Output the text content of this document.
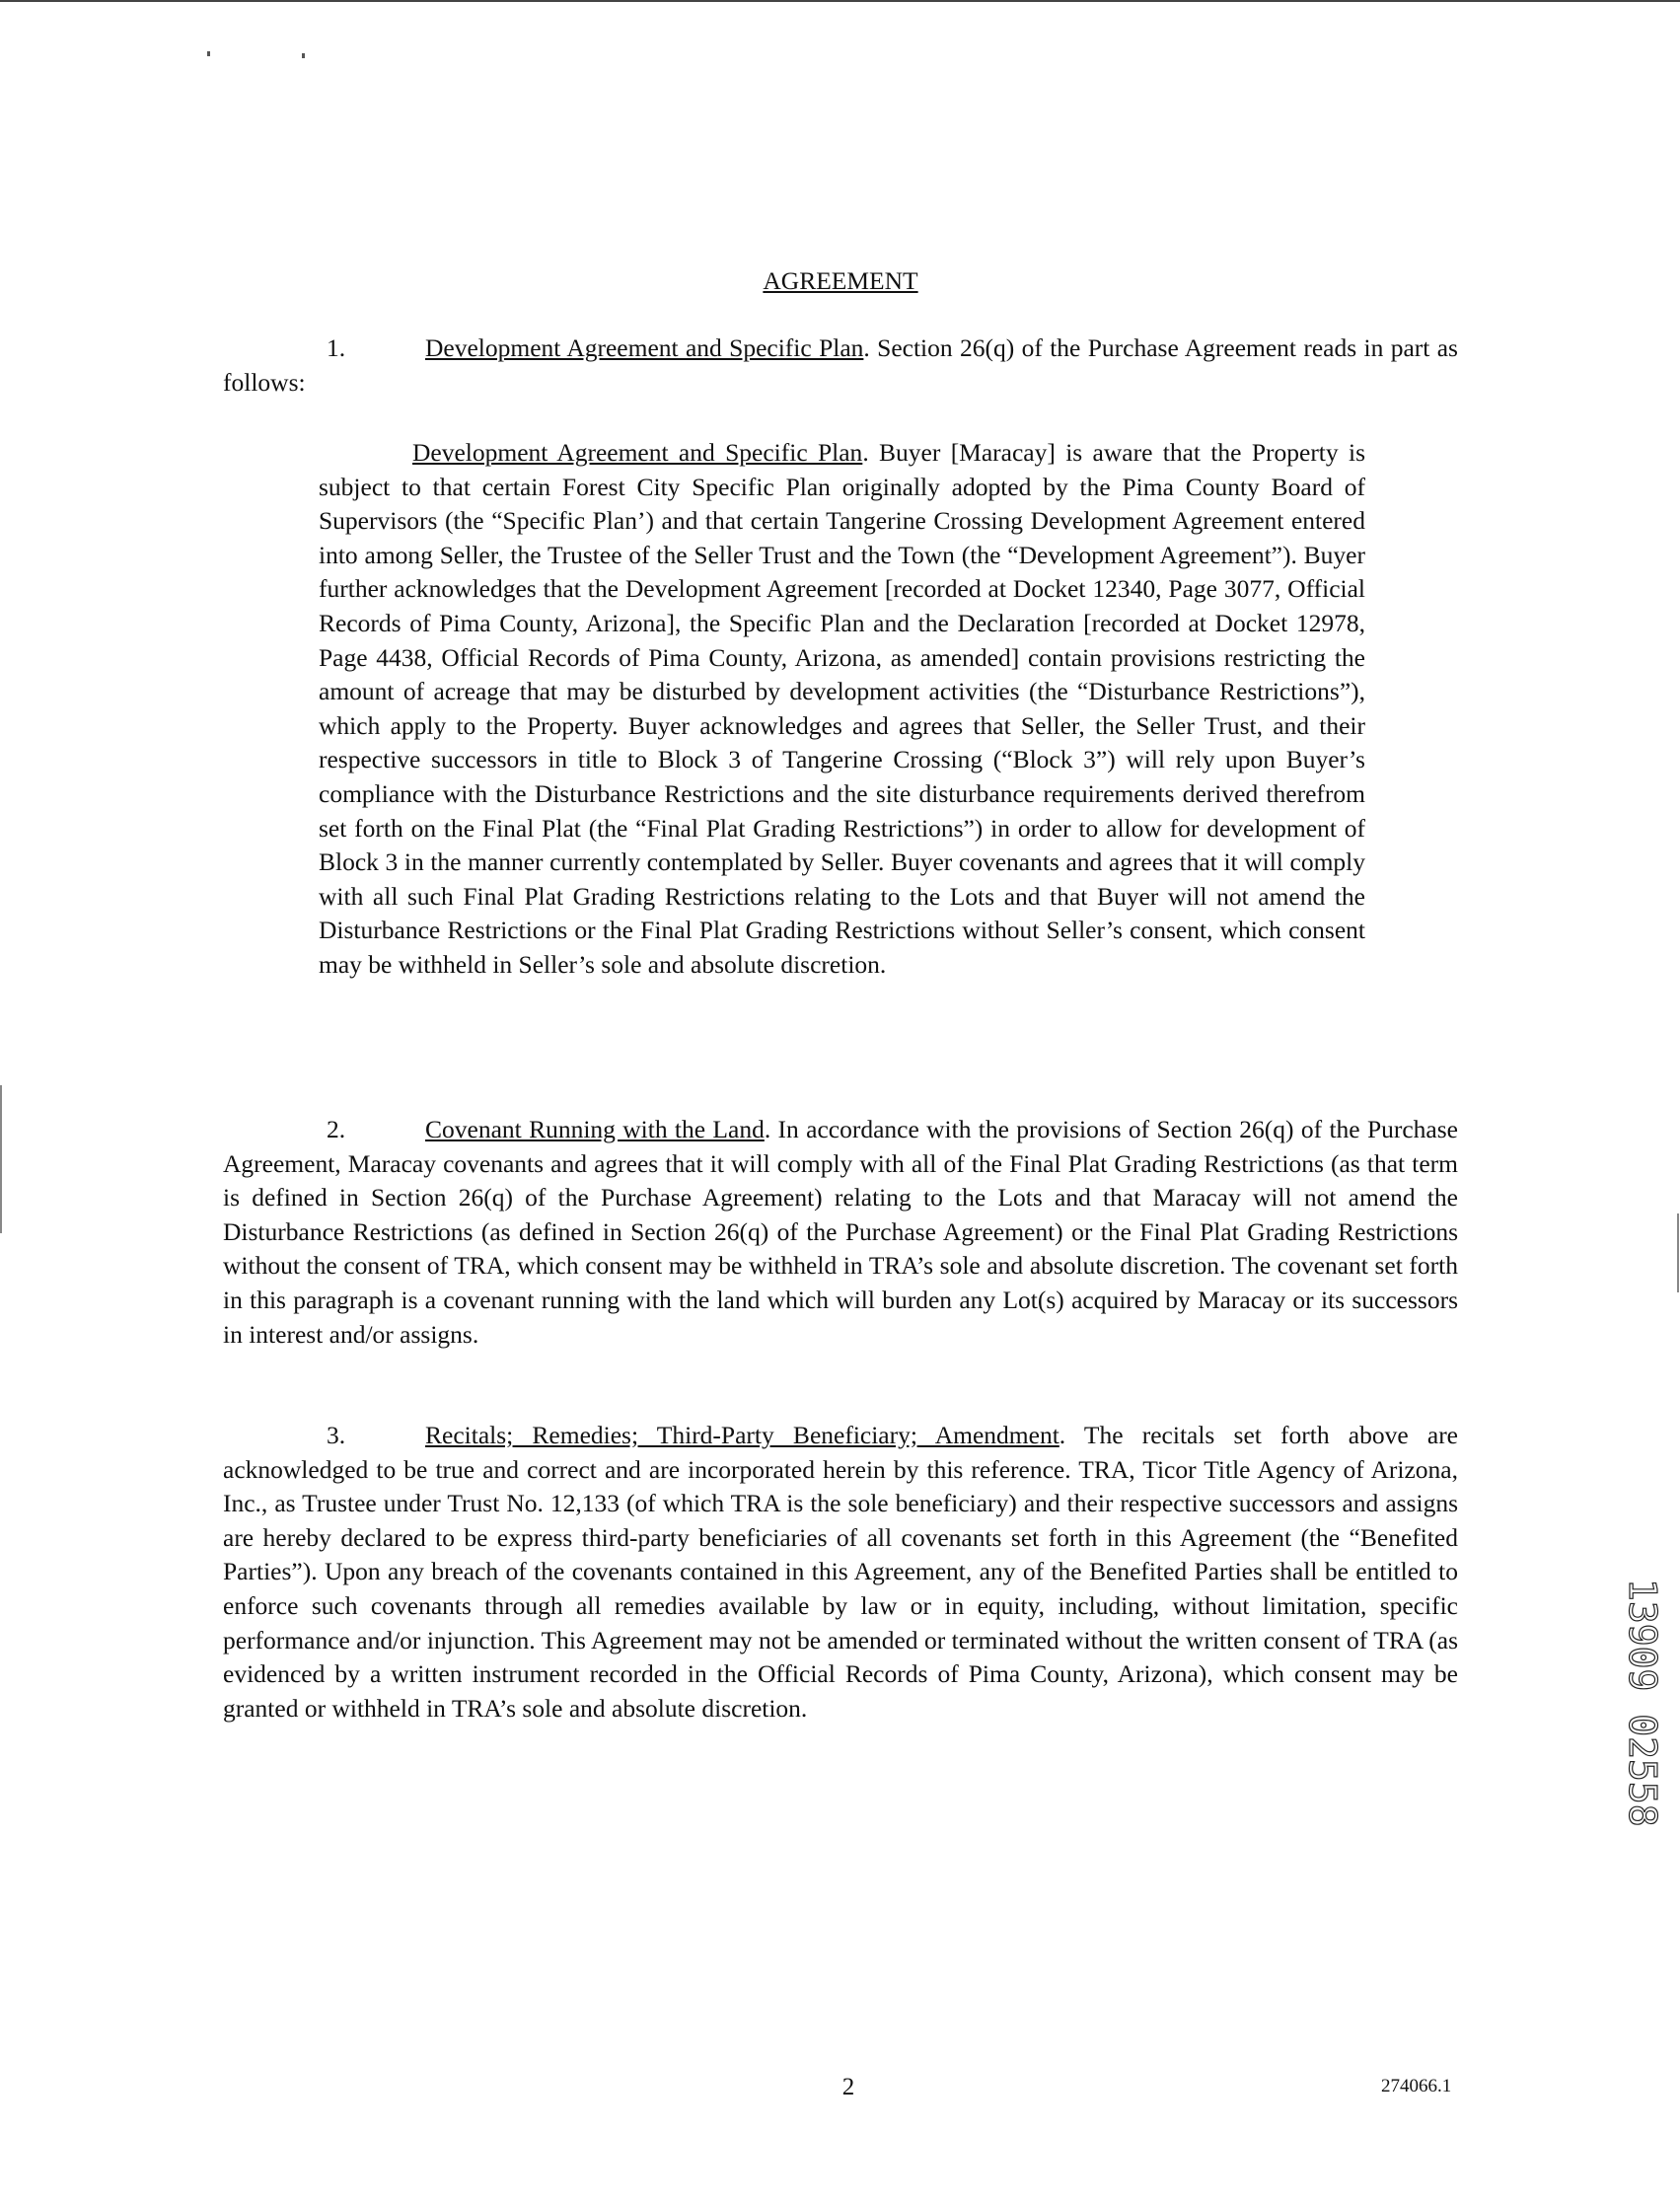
AGREEMENT

1.	Development Agreement and Specific Plan. Section 26(q) of the Purchase Agreement reads in part as follows:

Development Agreement and Specific Plan. Buyer [Maracay] is aware that the Property is subject to that certain Forest City Specific Plan originally adopted by the Pima County Board of Supervisors (the “Specific Plan’) and that certain Tangerine Crossing Development Agreement entered into among Seller, the Trustee of the Seller Trust and the Town (the “Development Agreement”). Buyer further acknowledges that the Development Agreement [recorded at Docket 12340, Page 3077, Official Records of Pima County, Arizona], the Specific Plan and the Declaration [recorded at Docket 12978, Page 4438, Official Records of Pima County, Arizona, as amended] contain provisions restricting the amount of acreage that may be disturbed by development activities (the “Disturbance Restrictions”), which apply to the Property. Buyer acknowledges and agrees that Seller, the Seller Trust, and their respective successors in title to Block 3 of Tangerine Crossing (“Block 3”) will rely upon Buyer’s compliance with the Disturbance Restrictions and the site disturbance requirements derived therefrom set forth on the Final Plat (the “Final Plat Grading Restrictions”) in order to allow for development of Block 3 in the manner currently contemplated by Seller. Buyer covenants and agrees that it will comply with all such Final Plat Grading Restrictions relating to the Lots and that Buyer will not amend the Disturbance Restrictions or the Final Plat Grading Restrictions without Seller’s consent, which consent may be withheld in Seller’s sole and absolute discretion.

2.	Covenant Running with the Land. In accordance with the provisions of Section 26(q) of the Purchase Agreement, Maracay covenants and agrees that it will comply with all of the Final Plat Grading Restrictions (as that term is defined in Section 26(q) of the Purchase Agreement) relating to the Lots and that Maracay will not amend the Disturbance Restrictions (as defined in Section 26(q) of the Purchase Agreement) or the Final Plat Grading Restrictions without the consent of TRA, which consent may be withheld in TRA’s sole and absolute discretion. The covenant set forth in this paragraph is a covenant running with the land which will burden any Lot(s) acquired by Maracay or its successors in interest and/or assigns.

3.	Recitals; Remedies; Third-Party Beneficiary; Amendment. The recitals set forth above are acknowledged to be true and correct and are incorporated herein by this reference. TRA, Ticor Title Agency of Arizona, Inc., as Trustee under Trust No. 12,133 (of which TRA is the sole beneficiary) and their respective successors and assigns are hereby declared to be express third-party beneficiaries of all covenants set forth in this Agreement (the “Benefited Parties”). Upon any breach of the covenants contained in this Agreement, any of the Benefited Parties shall be entitled to enforce such covenants through all remedies available by law or in equity, including, without limitation, specific performance and/or injunction. This Agreement may not be amended or terminated without the written consent of TRA (as evidenced by a written instrument recorded in the Official Records of Pima County, Arizona), which consent may be granted or withheld in TRA’s sole and absolute discretion.

2	274066.1
13909 02558
